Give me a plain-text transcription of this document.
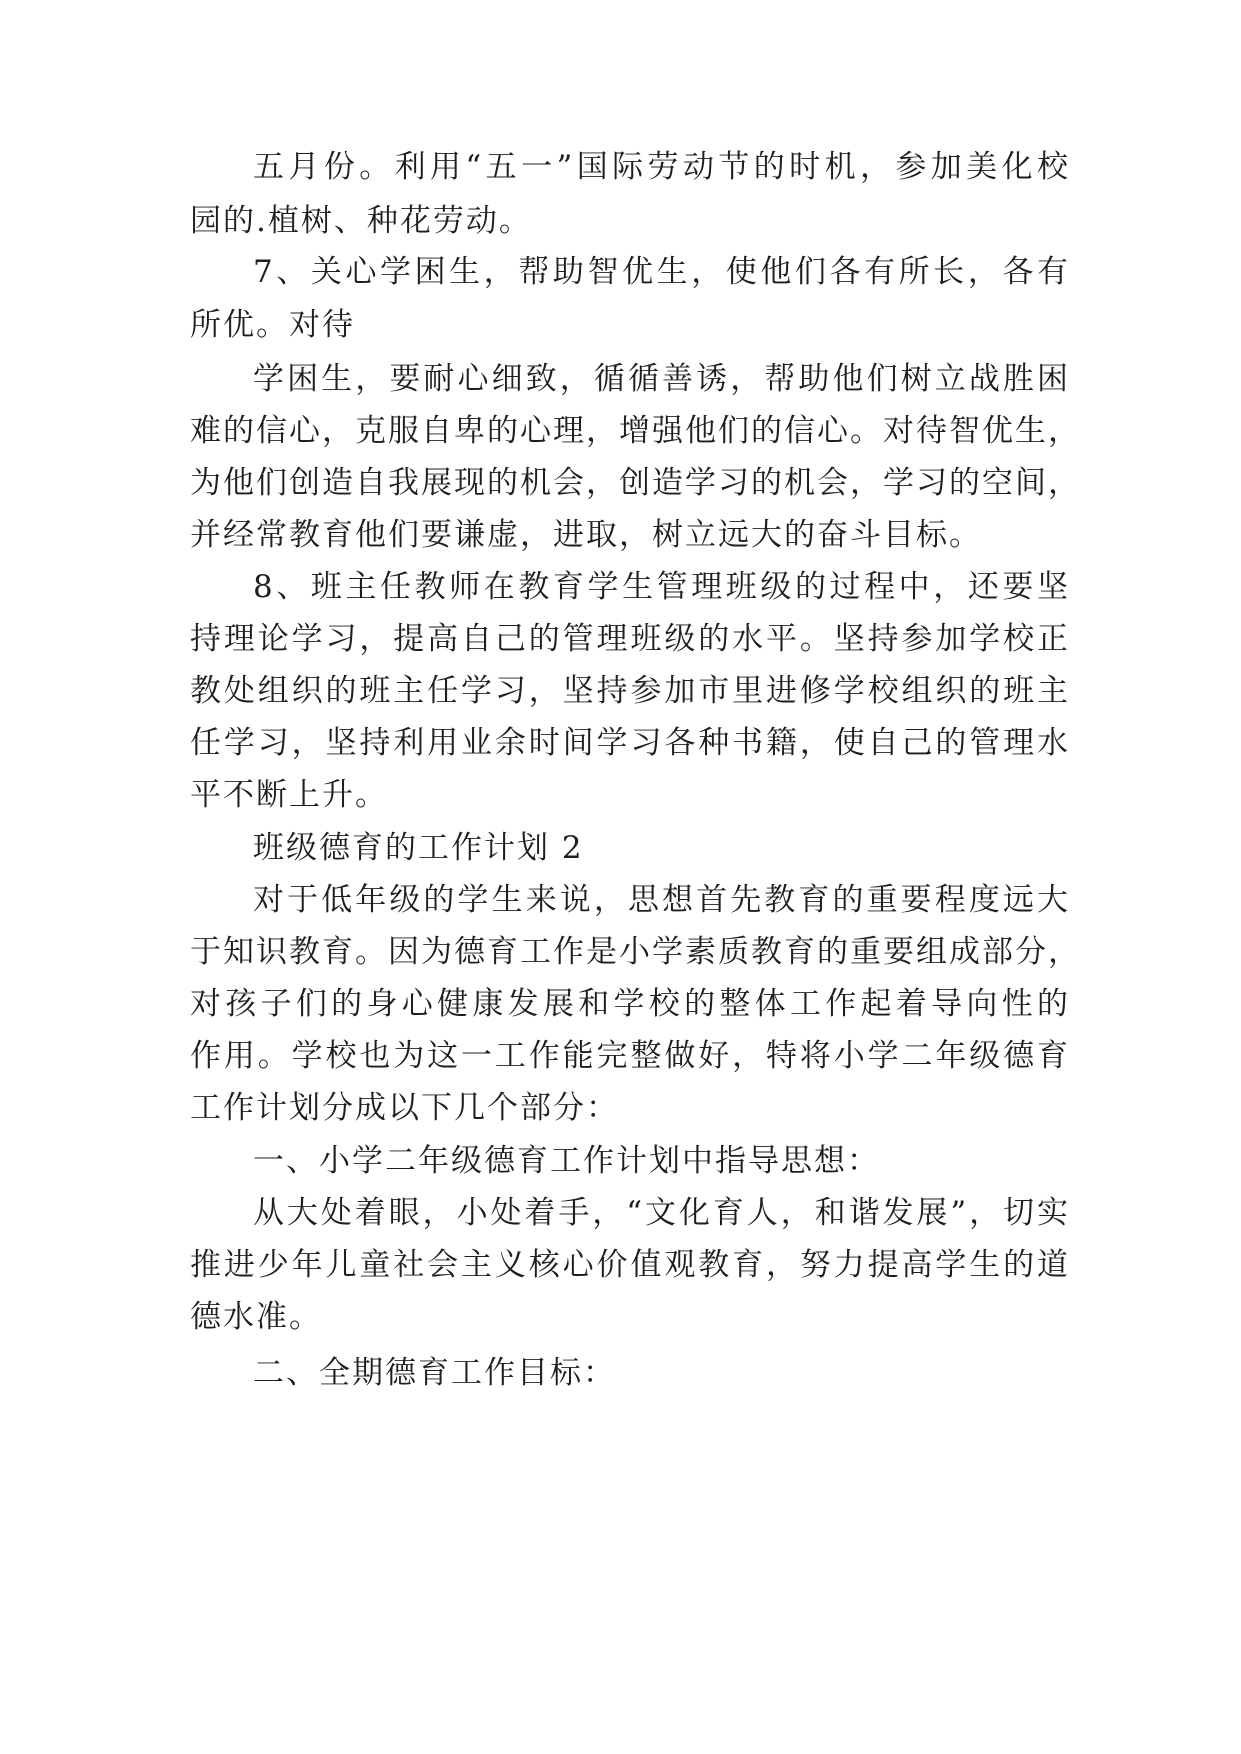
五月份。利用“五一”国际劳动节的时机，参加美化校
园的.植树、种花劳动。
7、关心学困生，帮助智优生，使他们各有所长，各有
所优。对待
学困生，要耐心细致，循循善诱，帮助他们树立战胜困
难的信心，克服自卑的心理，增强他们的信心。对待智优生，
为他们创造自我展现的机会，创造学习的机会，学习的空间，
并经常教育他们要谦虚，进取，树立远大的奋斗目标。
8、班主任教师在教育学生管理班级的过程中，还要坚
持理论学习，提高自己的管理班级的水平。坚持参加学校正
教处组织的班主任学习，坚持参加市里进修学校组织的班主
任学习，坚持利用业余时间学习各种书籍，使自己的管理水
平不断上升。
班级德育的工作计划 2
对于低年级的学生来说，思想首先教育的重要程度远大
于知识教育。因为德育工作是小学素质教育的重要组成部分，
对孩子们的身心健康发展和学校的整体工作起着导向性的
作用。学校也为这一工作能完整做好，特将小学二年级德育
工作计划分成以下几个部分：
一、小学二年级德育工作计划中指导思想：
从大处着眼，小处着手，“文化育人，和谐发展”，切实
推进少年儿童社会主义核心价值观教育，努力提高学生的道
德水准。
二、全期德育工作目标：
